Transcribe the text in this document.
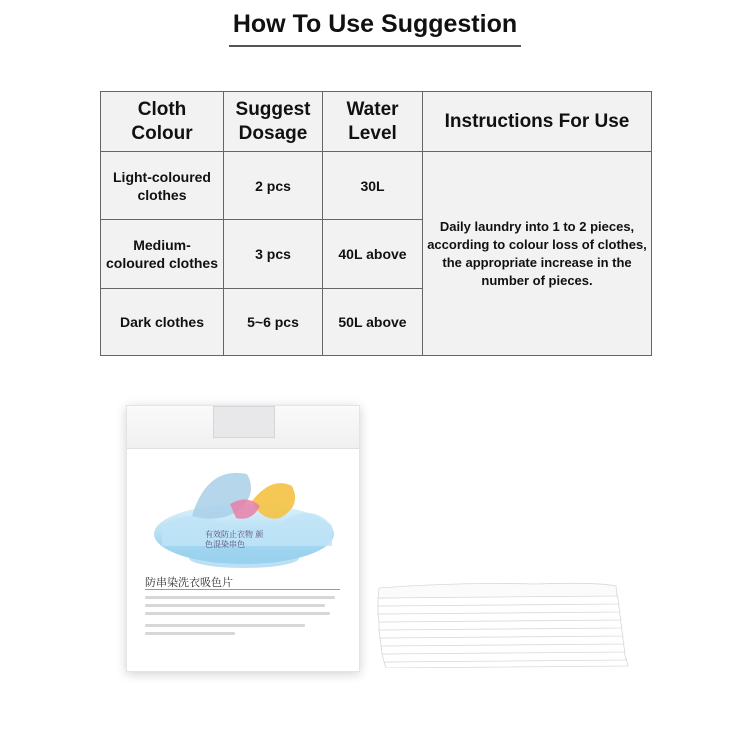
How To Use Suggestion
Cloth Colour	Suggest Dosage	Water Level	Instructions For Use
Light-coloured clothes	2 pcs	30L	Daily laundry into 1 to 2 pieces, according to colour loss of clothes, the appropriate increase in the number of pieces.
Medium-coloured clothes	3 pcs	40L above	
Dark clothes	5~6 pcs	50L above	
有效防止衣物 颜色混染串色
防串染洗衣吸色片
